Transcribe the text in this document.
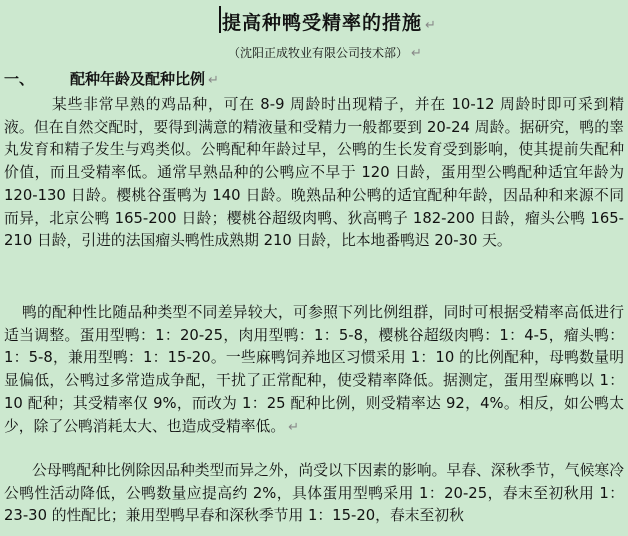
提高种鸭受精率的措施 ↵
（沈阳正成牧业有限公司技术部） ↵
一、 配种年龄及配种比例 ↵
某些非常早熟的鸡品种，可在 8-9 周龄时出现精子，并在 10-12 周龄时即可采到精液。但在自然交配时，要得到满意的精液量和受精力一般都要到 20-24 周龄。据研究，鸭的睾丸发育和精子发生与鸡类似。公鸭配种年龄过早，公鸭的生长发育受到影响，使其提前失配种价值，而且受精率低。通常早熟品种的公鸭应不早于 120 日龄，蛋用型公鸭配种适宜年龄为 120-130 日龄。樱桃谷蛋鸭为 140 日龄。晚熟品种公鸭的适宜配种年龄，因品种和来源不同而异，北京公鸭 165-200 日龄；樱桃谷超级肉鸭、狄高鸭子 182-200 日龄，瘤头公鸭 165-210 日龄，引进的法国瘤头鸭性成熟期 210 日龄，比本地番鸭迟 20-30 天。
鸭的配种性比随品种类型不同差异较大，可参照下列比例组群，同时可根据受精率高低进行适当调整。蛋用型鸭：1：20-25，肉用型鸭：1：5-8，樱桃谷超级肉鸭：1：4-5，瘤头鸭：1：5-8，兼用型鸭：1：15-20。一些麻鸭饲养地区习惯采用 1：10 的比例配种，母鸭数量明显偏低，公鸭过多常造成争配，干扰了正常配种，使受精率降低。据测定，蛋用型麻鸭以 1：10 配种；其受精率仅 9%，而改为 1：25 配种比例，则受精率达 92，4%。相反，如公鸭太少，除了公鸭消耗太大、也造成受精率低。 ↵
公母鸭配种比例除因品种类型而异之外，尚受以下因素的影响。早春、深秋季节，气候寒冷公鸭性活动降低，公鸭数量应提高约 2%，具体蛋用型鸭采用 1：20-25，春末至初秋用 1：23-30 的性配比；兼用型鸭早春和深秋季节用 1：15-20，春末至初秋
